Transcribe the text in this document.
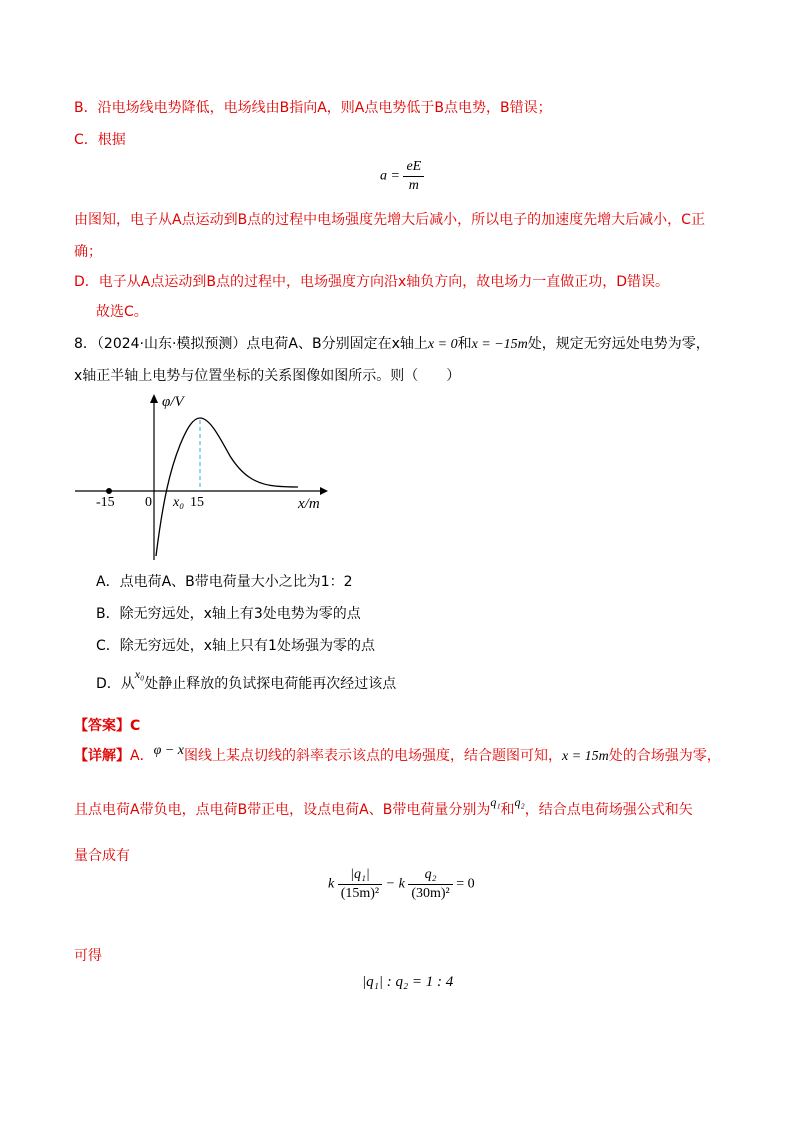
B．沿电场线电势降低，电场线由B指向A，则A点电势低于B点电势，B错误；
C．根据
$a = \frac{eE}{m}$
由图知，电子从A点运动到B点的过程中电场强度先增大后减小，所以电子的加速度先增大后减小，C正
确；
D．电子从A点运动到B点的过程中，电场强度方向沿x轴负方向，故电场力一直做正功，D错误。
故选C。
8．（2024·山东·模拟预测）点电荷A、B分别固定在x轴上x = 0和x = −15m处，规定无穷远处电势为零，
x轴正半轴上电势与位置坐标的关系图像如图所示。则（　　）
φ/V
x/m
-15 0 x₀ 15
A．点电荷A、B带电荷量大小之比为1：2
B．除无穷远处，x轴上有3处电势为零的点
C．除无穷远处，x轴上只有1处场强为零的点
D．从x₀处静止释放的负试探电荷能再次经过该点
【答案】C
【详解】A．φ − x图线上某点切线的斜率表示该点的电场强度，结合题图可知，x = 15m处的合场强为零，
且点电荷A带负电，点电荷B带正电，设点电荷A、B带电荷量分别为q₁和q₂，结合点电荷场强公式和矢
量合成有
k $\frac{\text{|q₁|}}{\text{(15m)²}} - k \frac{\text{q₂}}{\text{(30m)²}} = 0$
可得
|q₁| : q₂ = 1 : 4
